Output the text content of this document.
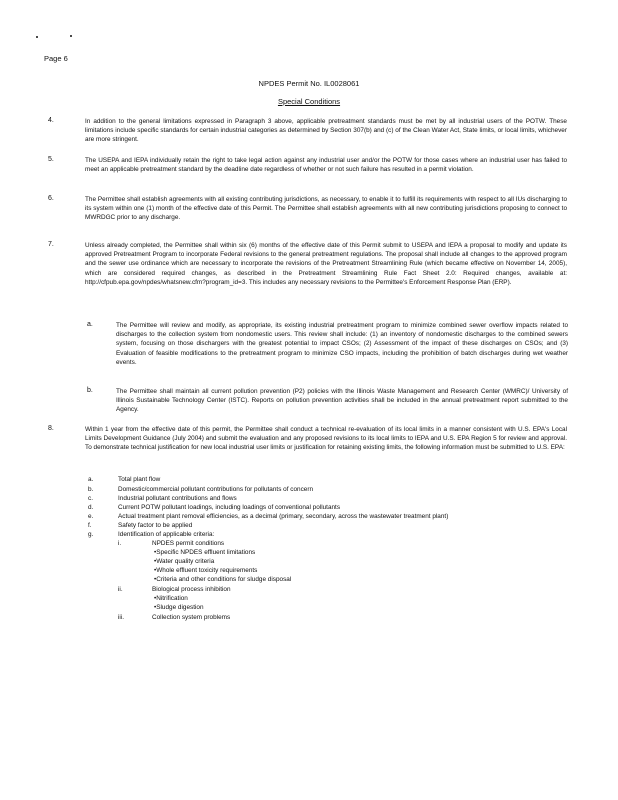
Page 6
NPDES Permit No. IL0028061
Special Conditions
4.	In addition to the general limitations expressed in Paragraph 3 above, applicable pretreatment standards must be met by all industrial users of the POTW. These limitations include specific standards for certain industrial categories as determined by Section 307(b) and (c) of the Clean Water Act, State limits, or local limits, whichever are more stringent.
5.	The USEPA and IEPA individually retain the right to take legal action against any industrial user and/or the POTW for those cases where an industrial user has failed to meet an applicable pretreatment standard by the deadline date regardless of whether or not such failure has resulted in a permit violation.
6.	The Permittee shall establish agreements with all existing contributing jurisdictions, as necessary, to enable it to fulfill its requirements with respect to all IUs discharging to its system within one (1) month of the effective date of this Permit. The Permittee shall establish agreements with all new contributing jurisdictions proposing to connect to MWRDGC prior to any discharge.
7.	Unless already completed, the Permittee shall within six (6) months of the effective date of this Permit submit to USEPA and IEPA a proposal to modify and update its approved Pretreatment Program to incorporate Federal revisions to the general pretreatment regulations. The proposal shall include all changes to the approved program and the sewer use ordinance which are necessary to incorporate the revisions of the Pretreatment Streamlining Rule (which became effective on November 14, 2005), which are considered required changes, as described in the Pretreatment Streamlining Rule Fact Sheet 2.0: Required changes, available at: http://cfpub.epa.gov/npdes/whatsnew.cfm?program_id=3. This includes any necessary revisions to the Permittee's Enforcement Response Plan (ERP).
a.	The Permittee will review and modify, as appropriate, its existing industrial pretreatment program to minimize combined sewer overflow impacts related to discharges to the collection system from nondomestic users. This review shall include: (1) an inventory of nondomestic discharges to the combined sewers system, focusing on those dischargers with the greatest potential to impact CSOs; (2) Assessment of the impact of these discharges on CSOs; and (3) Evaluation of feasible modifications to the pretreatment program to minimize CSO impacts, including the prohibition of batch discharges during wet weather events.
b.	The Permittee shall maintain all current pollution prevention (P2) policies with the Illinois Waste Management and Research Center (WMRC)/ University of Illinois Sustainable Technology Center (ISTC). Reports on pollution prevention activities shall be included in the annual pretreatment report submitted to the Agency.
8.	Within 1 year from the effective date of this permit, the Permittee shall conduct a technical re-evaluation of its local limits in a manner consistent with U.S. EPA's Local Limits Development Guidance (July 2004) and submit the evaluation and any proposed revisions to its local limits to IEPA and U.S. EPA Region 5 for review and approval. To demonstrate technical justification for new local industrial user limits or justification for retaining existing limits, the following information must be submitted to U.S. EPA:
a.	Total plant flow
b.	Domestic/commercial pollutant contributions for pollutants of concern
c.	Industrial pollutant contributions and flows
d.	Current POTW pollutant loadings, including loadings of conventional pollutants
e.	Actual treatment plant removal efficiencies, as a decimal (primary, secondary, across the wastewater treatment plant)
f.	Safety factor to be applied
g.	Identification of applicable criteria:
i.	NPDES permit conditions
•Specific NPDES effluent limitations
•Water quality criteria
•Whole effluent toxicity requirements
•Criteria and other conditions for sludge disposal
ii.	Biological process inhibition
•Nitrification
•Sludge digestion
iii.	Collection system problems
